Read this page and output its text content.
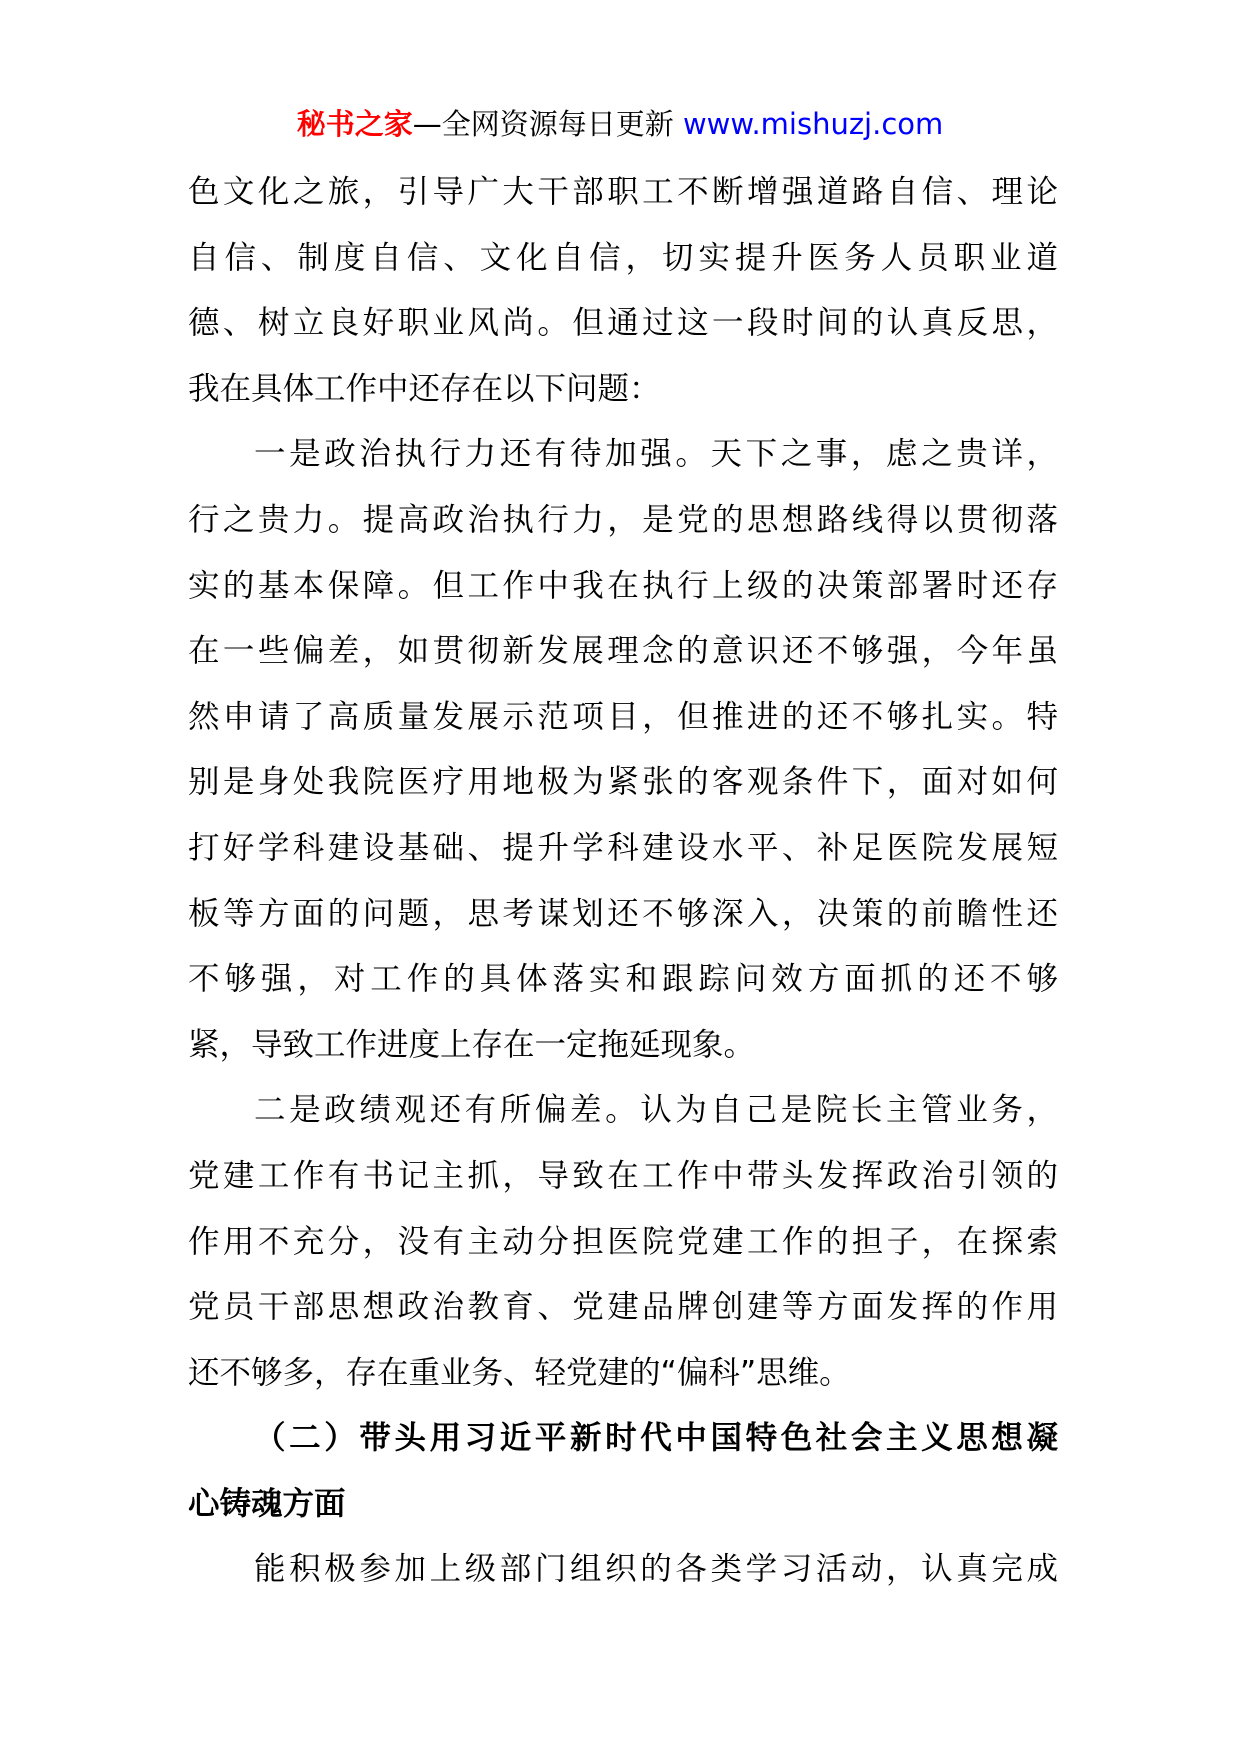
秘书之家—全网资源每日更新 www.mishuzj.com
色文化之旅，引导广大干部职工不断增强道路自信、理论
自信、制度自信、文化自信，切实提升医务人员职业道
德、树立良好职业风尚。但通过这一段时间的认真反思，
我在具体工作中还存在以下问题：
一是政治执行力还有待加强。天下之事，虑之贵详，
行之贵力。提高政治执行力，是党的思想路线得以贯彻落
实的基本保障。但工作中我在执行上级的决策部署时还存
在一些偏差，如贯彻新发展理念的意识还不够强，今年虽
然申请了高质量发展示范项目，但推进的还不够扎实。特
别是身处我院医疗用地极为紧张的客观条件下，面对如何
打好学科建设基础、提升学科建设水平、补足医院发展短
板等方面的问题，思考谋划还不够深入，决策的前瞻性还
不够强，对工作的具体落实和跟踪问效方面抓的还不够
紧，导致工作进度上存在一定拖延现象。
二是政绩观还有所偏差。认为自己是院长主管业务，
党建工作有书记主抓，导致在工作中带头发挥政治引领的
作用不充分，没有主动分担医院党建工作的担子，在探索
党员干部思想政治教育、党建品牌创建等方面发挥的作用
还不够多，存在重业务、轻党建的“偏科”思维。
（二）带头用习近平新时代中国特色社会主义思想凝
心铸魂方面
能积极参加上级部门组织的各类学习活动，认真完成
